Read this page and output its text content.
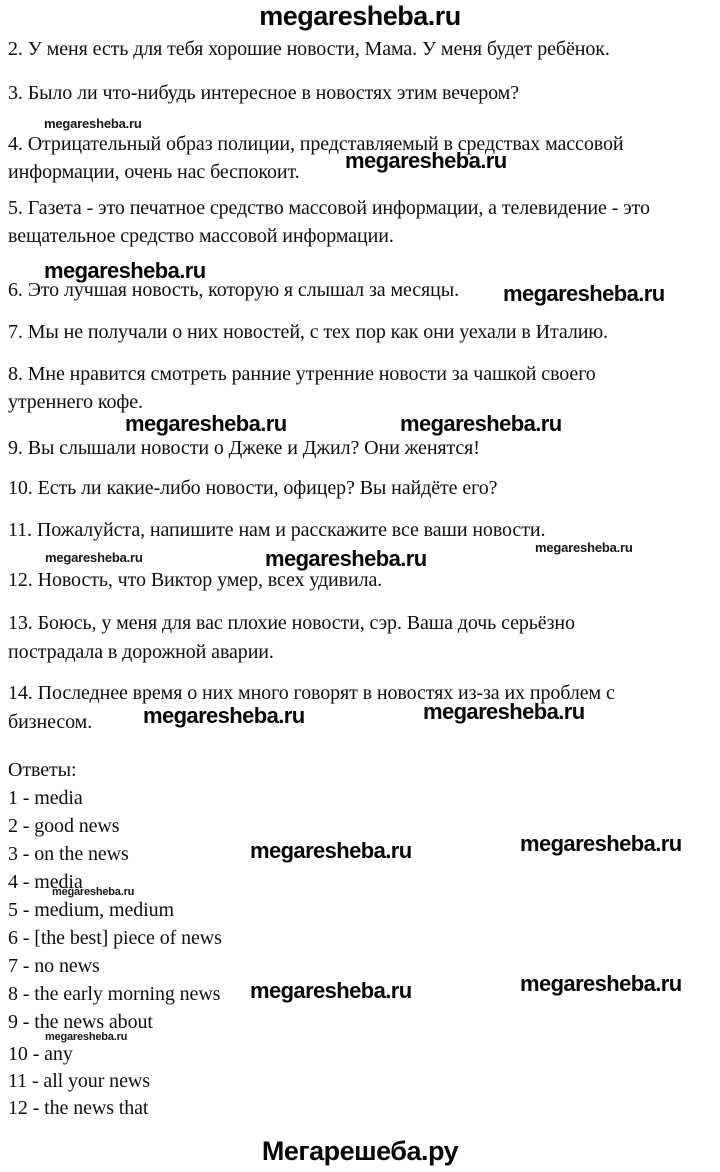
megaresheba.ru
2. У меня есть для тебя хорошие новости, Мама. У меня будет ребёнок.
3. Было ли что-нибудь интересное в новостях этим вечером?
4. Отрицательный образ полиции, представляемый в средствах массовой
информации, очень нас беспокоит.
5. Газета - это печатное средство массовой информации, а телевидение - это
вещательное средство массовой информации.
6. Это лучшая новость, которую я слышал за месяцы.
7. Мы не получали о них новостей, с тех пор как они уехали в Италию.
8. Мне нравится смотреть ранние утренние новости за чашкой своего
утреннего кофе.
9. Вы слышали новости о Джеке и Джил? Они женятся!
10. Есть ли какие-либо новости, офицер? Вы найдёте его?
11. Пожалуйста, напишите нам и расскажите все ваши новости.
12. Новость, что Виктор умер, всех удивила.
13. Боюсь, у меня для вас плохие новости, сэр. Ваша дочь серьёзно
пострадала в дорожной аварии.
14. Последнее время о них много говорят в новостях из-за их проблем с
бизнесом.
Ответы:
1 - media
2 - good news
3 - on the news
4 - media
5 - medium, medium
6 - [the best] piece of news
7 - no news
8 - the early morning news
9 - the news about
10 - any
11 - all your news
12 - the news that
megaresheba.ru
megaresheba.ru
megaresheba.ru
megaresheba.ru	megaresheba.ru
megaresheba.ru
megaresheba.ru	megaresheba.ru
megaresheba.ru	megaresheba.ru
megaresheba.ru	megaresheba.ru
megaresheba.ru
megaresheba.ru
megaresheba.ru
megaresheba.ru
megaresheba.ru
Мегарешеба.ру
